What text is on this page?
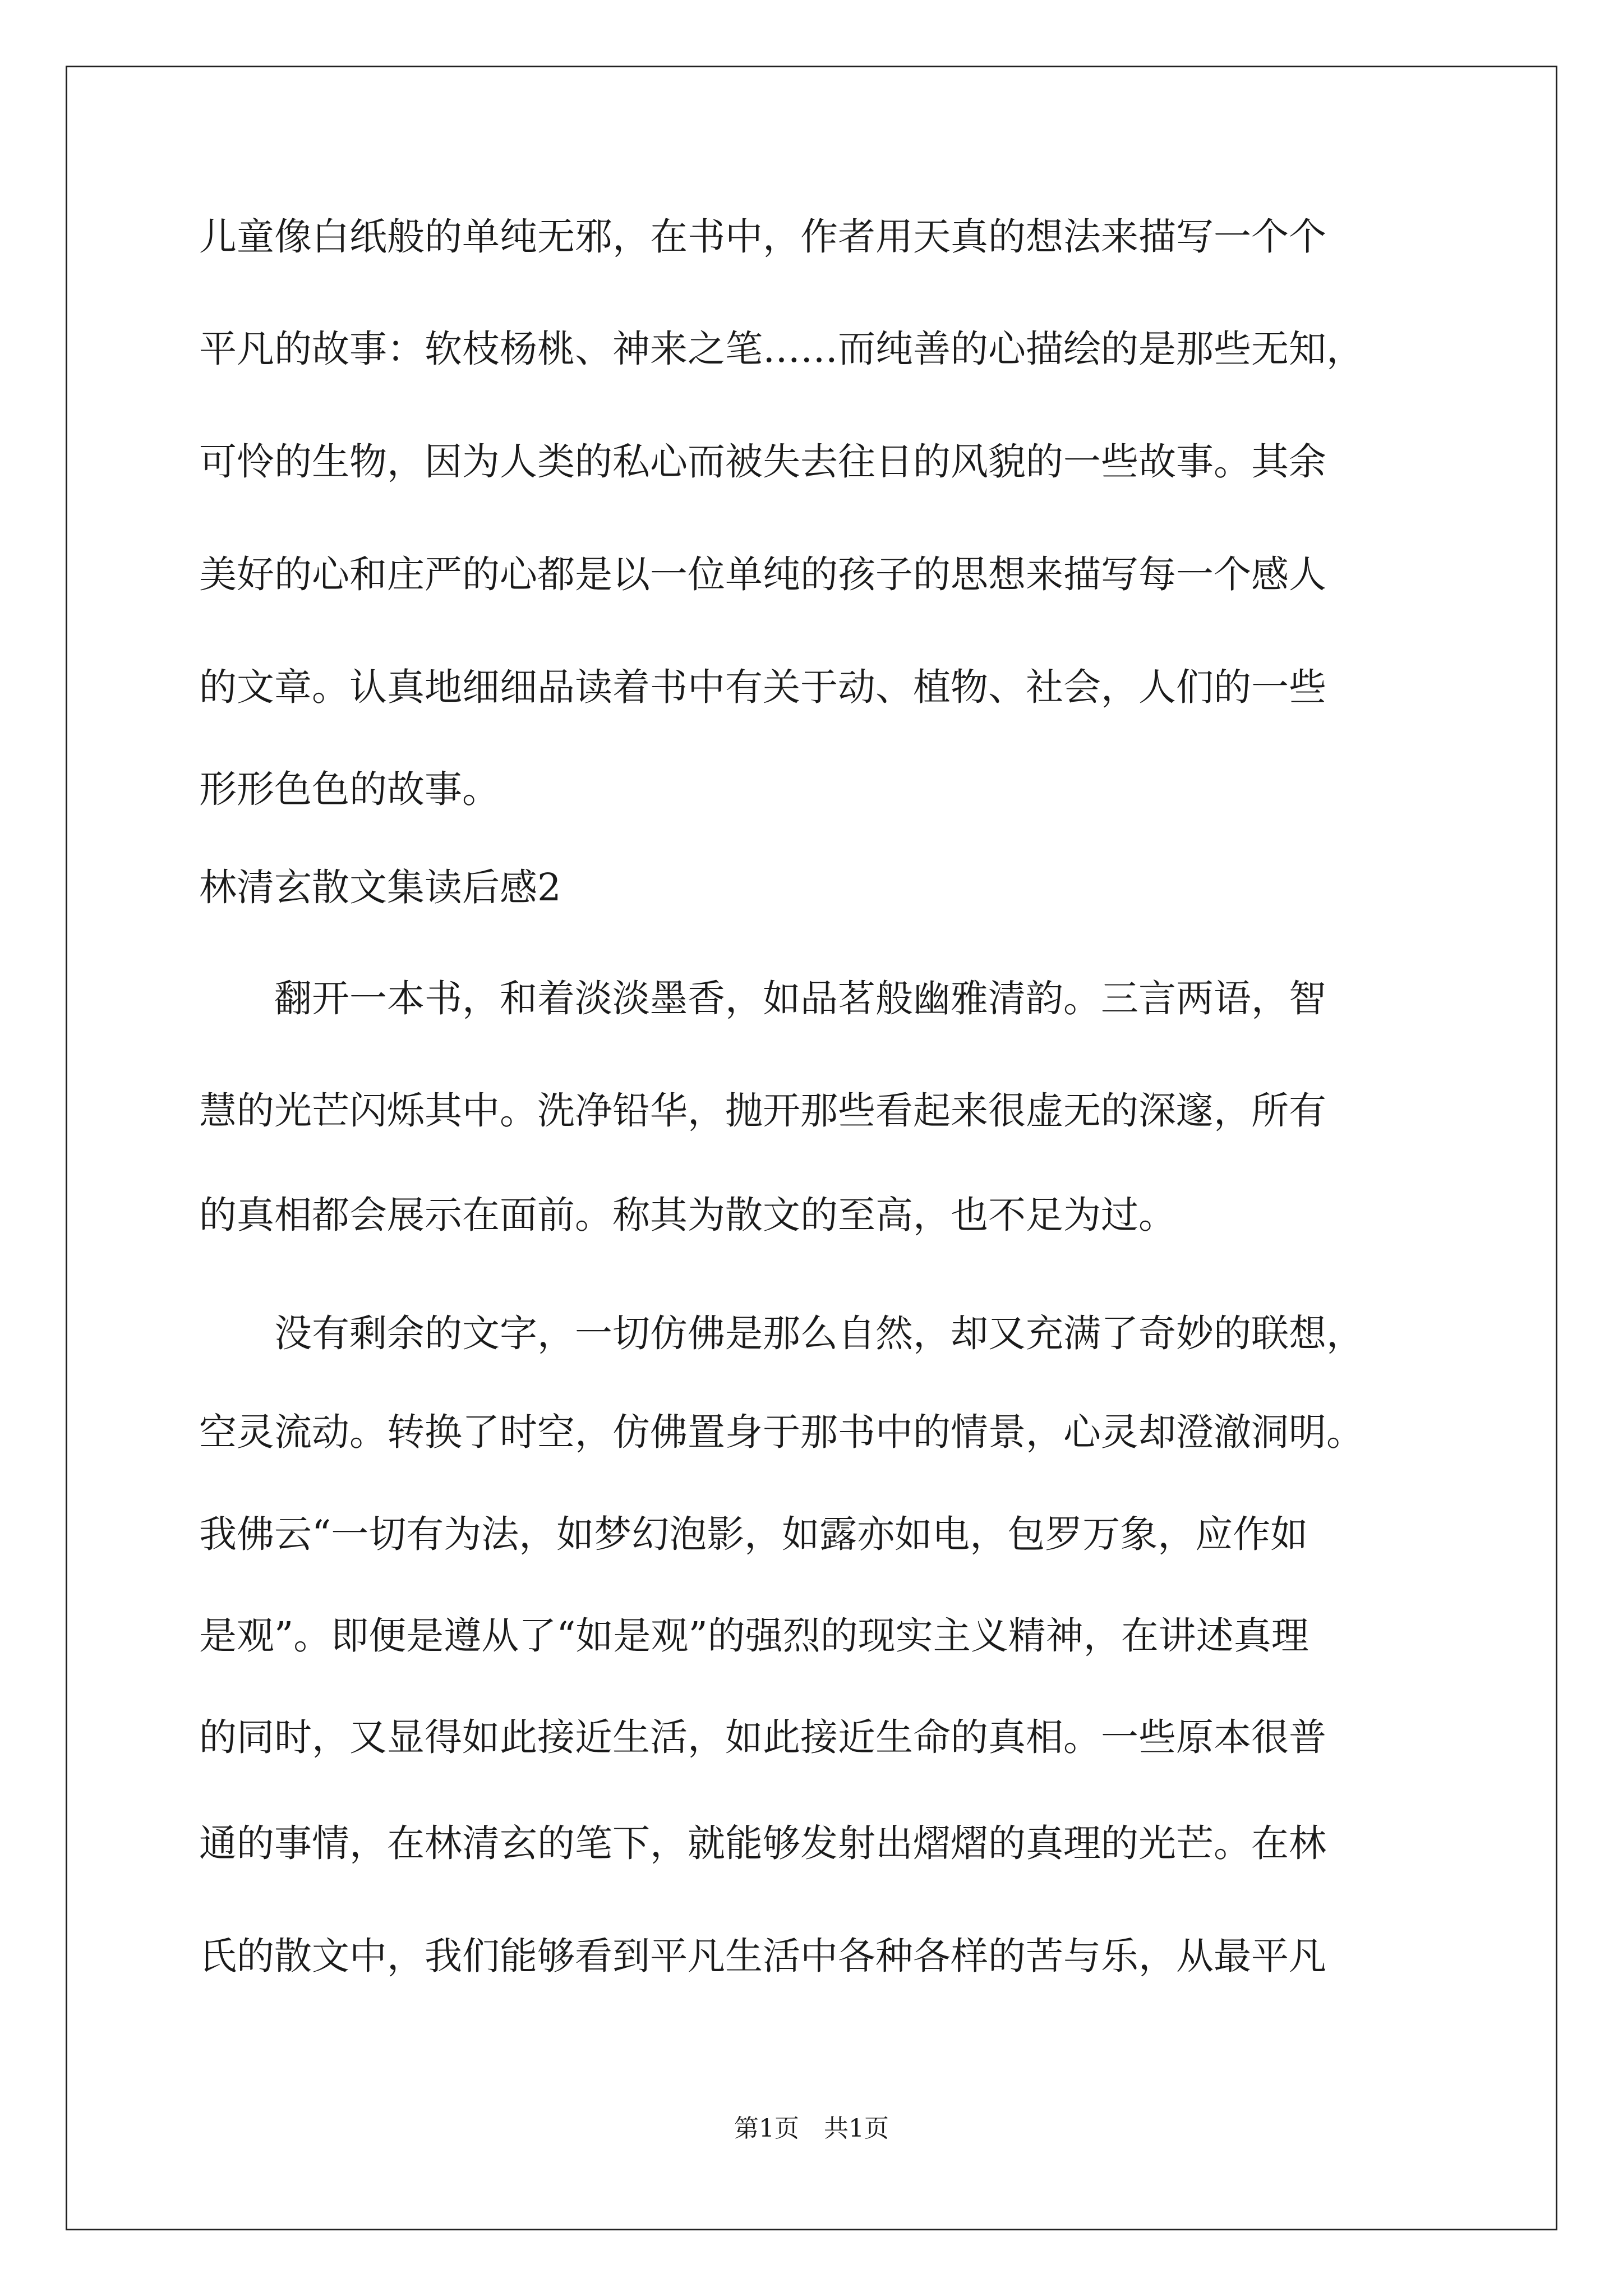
儿童像白纸般的单纯无邪，在书中，作者用天真的想法来描写一个个
平凡的故事：软枝杨桃、神来之笔……而纯善的心描绘的是那些无知，
可怜的生物，因为人类的私心而被失去往日的风貌的一些故事。其余
美好的心和庄严的心都是以一位单纯的孩子的思想来描写每一个感人
的文章。认真地细细品读着书中有关于动、植物、社会，人们的一些
形形色色的故事。
林清玄散文集读后感2
　　翻开一本书，和着淡淡墨香，如品茗般幽雅清韵。三言两语，智
慧的光芒闪烁其中。洗净铅华，抛开那些看起来很虚无的深邃，所有
的真相都会展示在面前。称其为散文的至高，也不足为过。
　　没有剩余的文字，一切仿佛是那么自然，却又充满了奇妙的联想，
空灵流动。转换了时空，仿佛置身于那书中的情景，心灵却澄澈洞明。
我佛云“一切有为法，如梦幻泡影，如露亦如电，包罗万象，应作如
是观”。即便是遵从了“如是观”的强烈的现实主义精神，在讲述真理
的同时，又显得如此接近生活，如此接近生命的真相。一些原本很普
通的事情，在林清玄的笔下，就能够发射出熠熠的真理的光芒。在林
氏的散文中，我们能够看到平凡生活中各种各样的苦与乐，从最平凡
第1页　共1页
